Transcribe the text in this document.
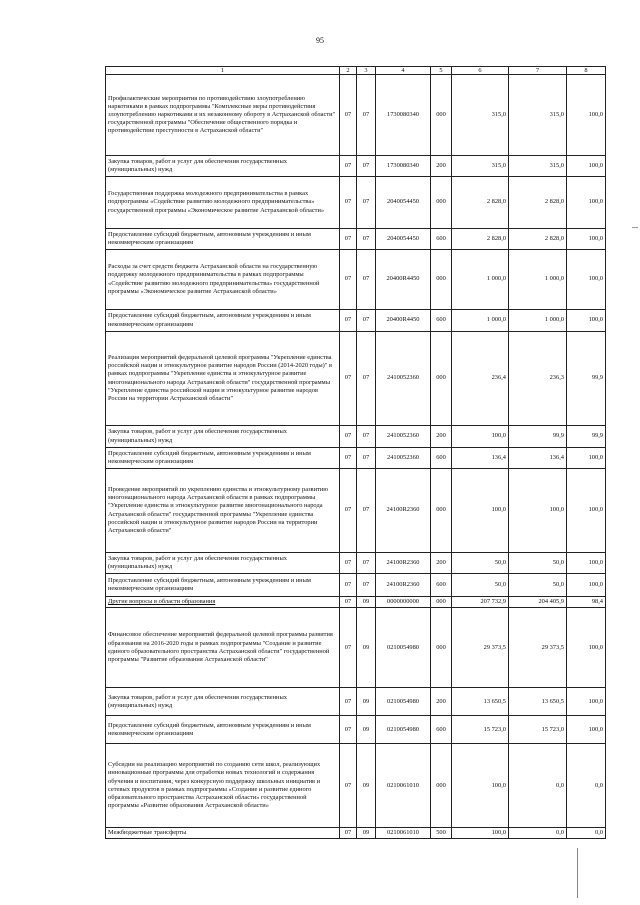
95
1	2	3	4	5	6	7	8
Профилактические мероприятия по противодействию злоупотреблению наркотиками в рамках подпрограммы "Комплексные меры противодействия злоупотреблению наркотиками и их незаконному обороту в Астраханской области" государственной программы "Обеспечение общественного порядка и противодействие преступности в Астраханской области"	07	07	1730080340	000	315,0	315,0	100,0
Закупка товаров, работ и услуг для обеспечения государственных (муниципальных) нужд	07	07	1730080340	200	315,0	315,0	100,0
Государственная поддержка молодежного предпринимательства в рамках подпрограммы «Содействие развитию молодежного предпринимательства» государственной программы «Экономическое развитие Астраханской области»	07	07	2040054450	000	2 828,0	2 828,0	100,0
Предоставление субсидий бюджетным, автономным учреждениям и иным некоммерческим организациям	07	07	2040054450	600	2 828,0	2 828,0	100,0
Расходы за счет средств бюджета Астраханской области на государственную поддержку молодежного предпринимательства в рамках подпрограммы «Содействие развитию молодежного предпринимательства» государственной программы «Экономическое развитие Астраханской области»	07	07	20400R4450	000	1 000,0	1 000,0	100,0
Предоставление субсидий бюджетным, автономным учреждениям и иным некоммерческим организациям	07	07	20400R4450	600	1 000,0	1 000,0	100,0
Реализация мероприятий федеральной целевой программы "Укрепление единства российской нации и этнокультурное развитие народов России (2014-2020 годы)" в рамках подпрограммы "Укрепление единства и этнокультурное развитие многонационального народа Астраханской области" государственной программы "Укрепление единства российской нации и этнокультурное развитие народов России на территории Астраханской области"	07	07	2410052360	000	236,4	236,3	99,9
Закупка товаров, работ и услуг для обеспечения государственных (муниципальных) нужд	07	07	2410052360	200	100,0	99,9	99,9
Предоставление субсидий бюджетным, автономным учреждениям и иным некоммерческим организациям	07	07	2410052360	600	136,4	136,4	100,0
Проведение мероприятий по укреплению единства и этнокультурному развитию многонационального народа Астраханской области в рамках подпрограммы "Укрепление единства и этнокультурное развитие многонационального народа Астраханской области" государственной программы "Укрепление единства российской нации и этнокультурное развитие народов России на территории Астраханской области"	07	07	24100R2360	000	100,0	100,0	100,0
Закупка товаров, работ и услуг для обеспечения государственных (муниципальных) нужд	07	07	24100R2360	200	50,0	50,0	100,0
Предоставление субсидий бюджетным, автономным учреждениям и иным некоммерческим организациям	07	07	24100R2360	600	50,0	50,0	100,0
Другие вопросы в области образования	07	09	0000000000	000	207 732,9	204 405,9	98,4
Финансовое обеспечение мероприятий федеральной целевой программы развития образования на 2016-2020 годы в рамках подпрограммы "Создание и развитие единого образовательного пространства Астраханской области" государственной программы "Развитие образования Астраханской области"	07	09	0210054980	000	29 373,5	29 373,5	100,0
Закупка товаров, работ и услуг для обеспечения государственных (муниципальных) нужд	07	09	0210054980	200	13 650,5	13 650,5	100,0
Предоставление субсидий бюджетным, автономным учреждениям и иным некоммерческим организациям	07	09	0210054980	600	15 723,0	15 723,0	100,0
Субсидии на реализацию мероприятий по созданию сети школ, реализующих инновационные программы для отработки новых технологий и содержания обучения и воспитания, через конкурсную поддержку школьных инициатив и сетевых продуктов в рамках подпрограммы «Создание и развитие единого образовательного пространства Астраханской области» государственной программы «Развитие образования Астраханской области»	07	09	0210061010	000	100,0	0,0	0,0
Межбюджетные трансферты	07	09	0210061010	500	100,0	0,0	0,0
